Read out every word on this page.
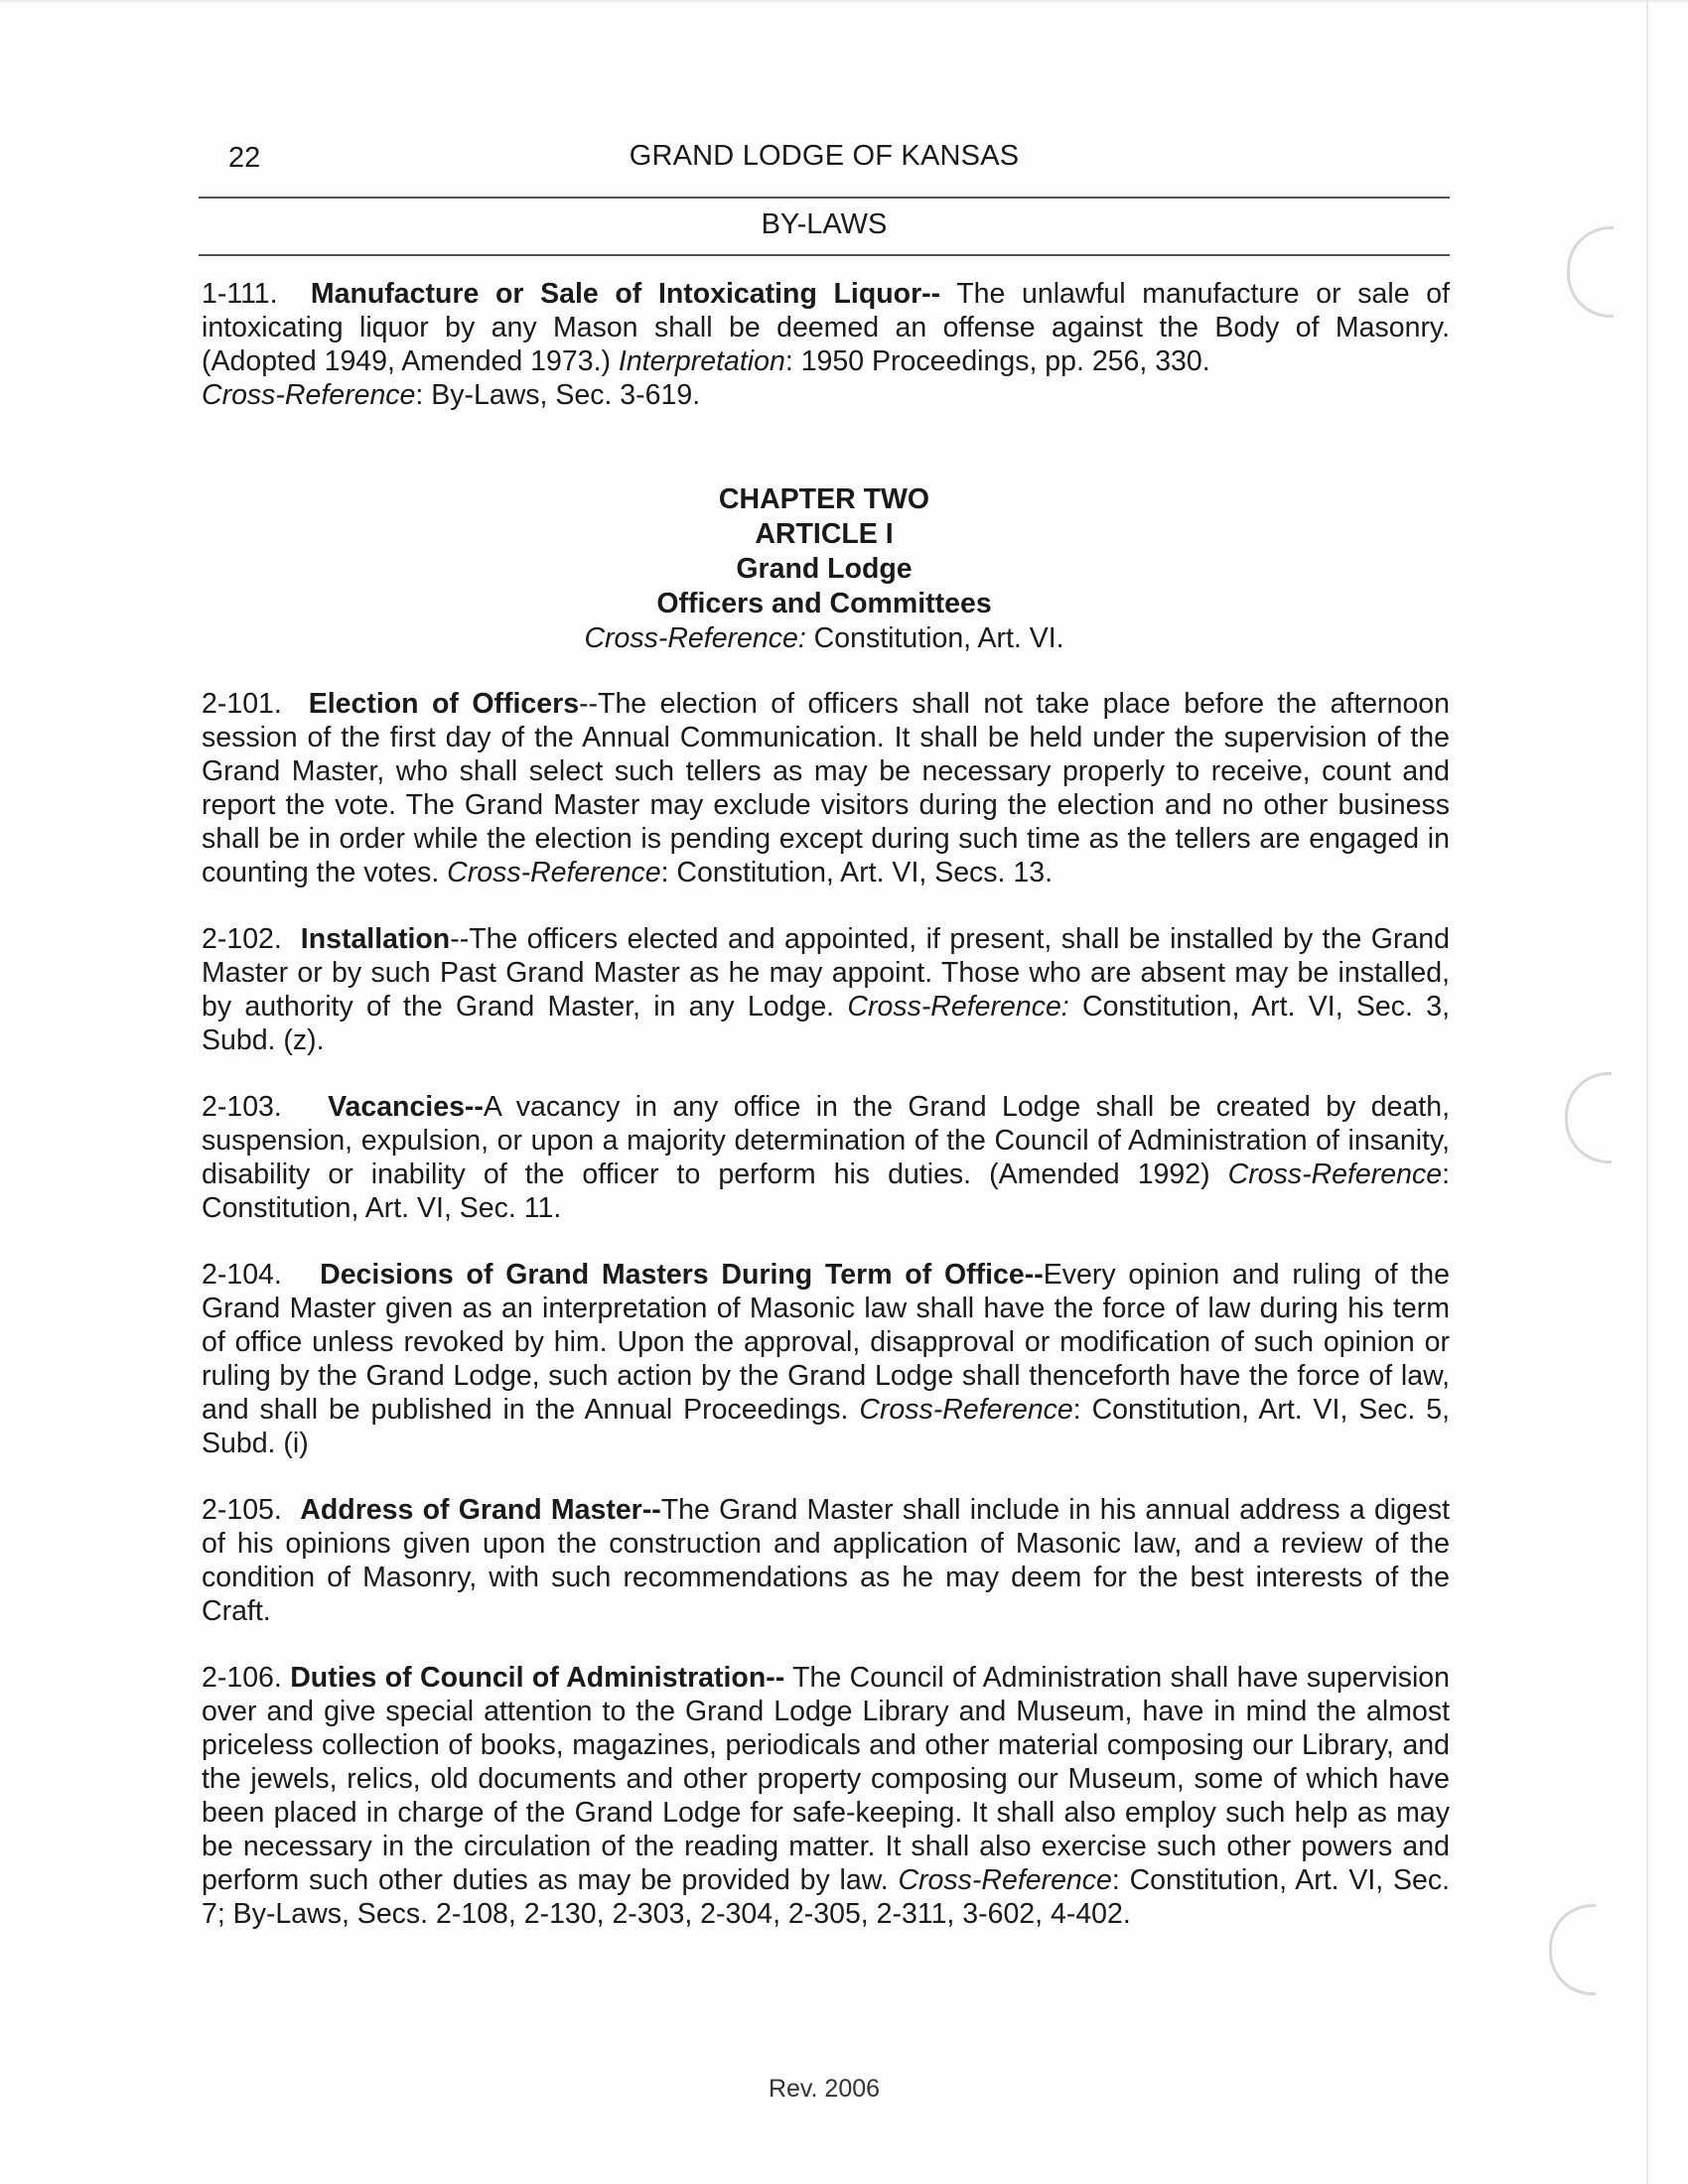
22	GRAND LODGE OF KANSAS
BY-LAWS
1-111. Manufacture or Sale of Intoxicating Liquor-- The unlawful manufacture or sale of intoxicating liquor by any Mason shall be deemed an offense against the Body of Masonry. (Adopted 1949, Amended 1973.) Interpretation: 1950 Proceedings, pp. 256, 330.
Cross-Reference: By-Laws, Sec. 3-619.
CHAPTER TWO
ARTICLE I
Grand Lodge
Officers and Committees
Cross-Reference: Constitution, Art. VI.
2-101. Election of Officers--The election of officers shall not take place before the afternoon session of the first day of the Annual Communication. It shall be held under the supervision of the Grand Master, who shall select such tellers as may be necessary properly to receive, count and report the vote. The Grand Master may exclude visitors during the election and no other business shall be in order while the election is pending except during such time as the tellers are engaged in counting the votes. Cross-Reference: Constitution, Art. VI, Secs. 13.
2-102. Installation--The officers elected and appointed, if present, shall be installed by the Grand Master or by such Past Grand Master as he may appoint. Those who are absent may be installed, by authority of the Grand Master, in any Lodge. Cross-Reference: Constitution, Art. VI, Sec. 3, Subd. (z).
2-103. Vacancies--A vacancy in any office in the Grand Lodge shall be created by death, suspension, expulsion, or upon a majority determination of the Council of Administration of insanity, disability or inability of the officer to perform his duties. (Amended 1992) Cross-Reference: Constitution, Art. VI, Sec. 11.
2-104. Decisions of Grand Masters During Term of Office--Every opinion and ruling of the Grand Master given as an interpretation of Masonic law shall have the force of law during his term of office unless revoked by him. Upon the approval, disapproval or modification of such opinion or ruling by the Grand Lodge, such action by the Grand Lodge shall thenceforth have the force of law, and shall be published in the Annual Proceedings. Cross-Reference: Constitution, Art. VI, Sec. 5, Subd. (i)
2-105. Address of Grand Master--The Grand Master shall include in his annual address a digest of his opinions given upon the construction and application of Masonic law, and a review of the condition of Masonry, with such recommendations as he may deem for the best interests of the Craft.
2-106. Duties of Council of Administration-- The Council of Administration shall have supervision over and give special attention to the Grand Lodge Library and Museum, have in mind the almost priceless collection of books, magazines, periodicals and other material composing our Library, and the jewels, relics, old documents and other property composing our Museum, some of which have been placed in charge of the Grand Lodge for safe-keeping. It shall also employ such help as may be necessary in the circulation of the reading matter. It shall also exercise such other powers and perform such other duties as may be provided by law. Cross-Reference: Constitution, Art. VI, Sec. 7; By-Laws, Secs. 2-108, 2-130, 2-303, 2-304, 2-305, 2-311, 3-602, 4-402.
Rev. 2006
